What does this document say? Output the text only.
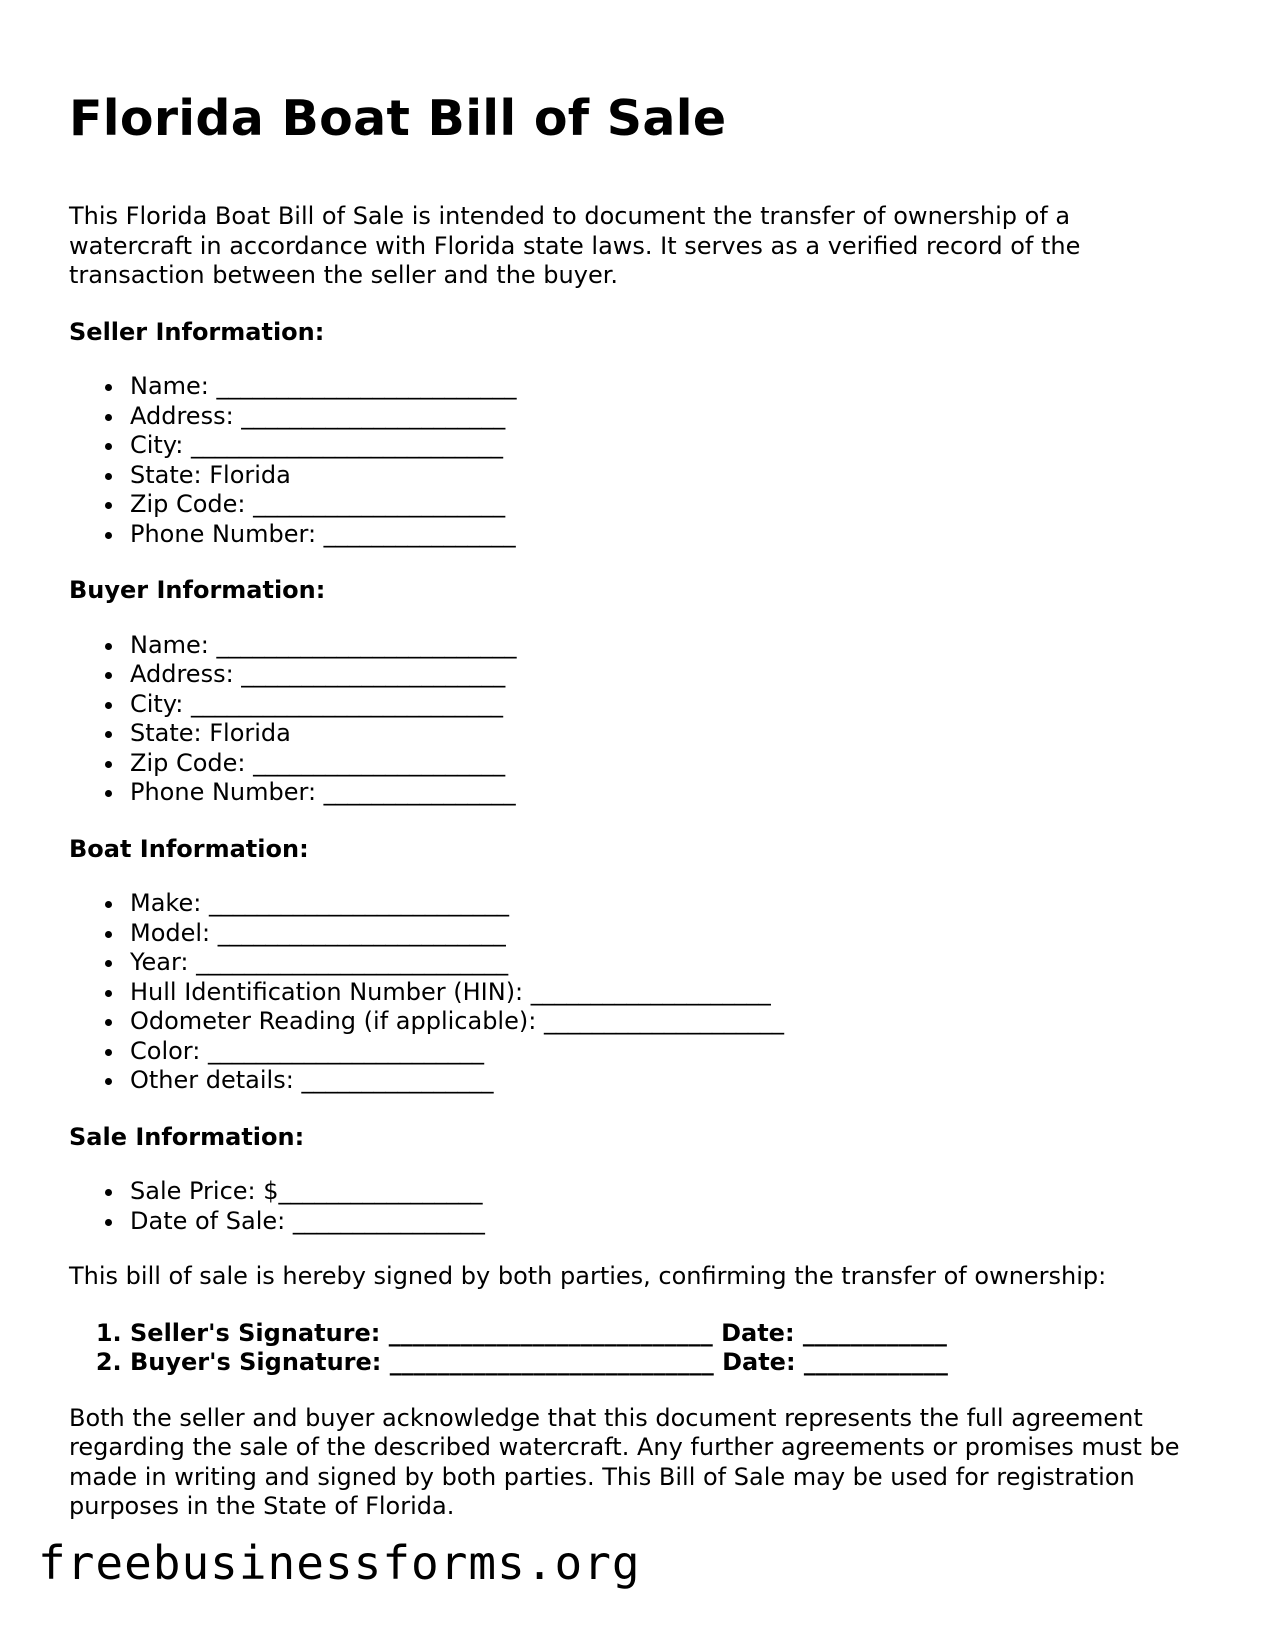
Florida Boat Bill of Sale

This Florida Boat Bill of Sale is intended to document the transfer of ownership of a watercraft in accordance with Florida state laws. It serves as a verified record of the transaction between the seller and the buyer.

Seller Information:

Name: _________________________
Address: ______________________
City: __________________________
State: Florida
Zip Code: _____________________
Phone Number: ________________

Buyer Information:

Name: _________________________
Address: ______________________
City: __________________________
State: Florida
Zip Code: _____________________
Phone Number: ________________

Boat Information:

Make: _________________________
Model: ________________________
Year: __________________________
Hull Identification Number (HIN): ____________________
Odometer Reading (if applicable): ____________________
Color: _______________________
Other details: ________________

Sale Information:

Sale Price: $_________________
Date of Sale: ________________

This bill of sale is hereby signed by both parties, confirming the transfer of ownership:

1. Seller's Signature: ___________________________ Date: ____________
2. Buyer's Signature: ___________________________ Date: ____________

Both the seller and buyer acknowledge that this document represents the full agreement regarding the sale of the described watercraft. Any further agreements or promises must be made in writing and signed by both parties. This Bill of Sale may be used for registration purposes in the State of Florida.

freebusinessforms.org
